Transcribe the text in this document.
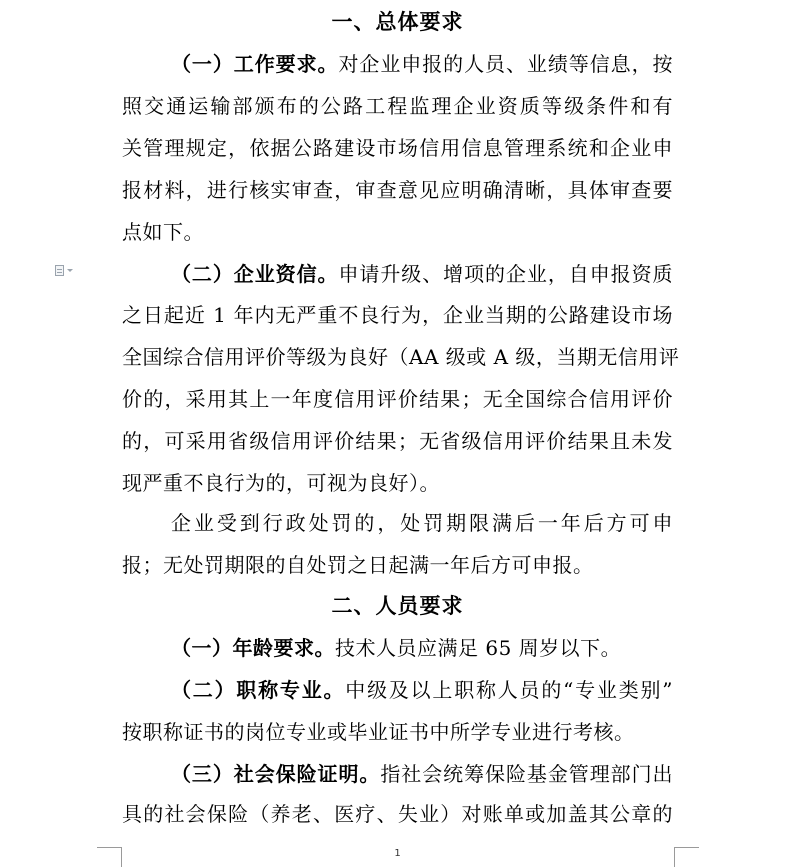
一、总体要求
（一）工作要求。对企业申报的人员、业绩等信息，按
照交通运输部颁布的公路工程监理企业资质等级条件和有
关管理规定，依据公路建设市场信用信息管理系统和企业申
报材料，进行核实审查，审查意见应明确清晰，具体审查要
点如下。
（二）企业资信。申请升级、增项的企业，自申报资质
之日起近 1 年内无严重不良行为，企业当期的公路建设市场
全国综合信用评价等级为良好（AA 级或 A 级，当期无信用评
价的，采用其上一年度信用评价结果；无全国综合信用评价
的，可采用省级信用评价结果；无省级信用评价结果且未发
现严重不良行为的，可视为良好）。
企业受到行政处罚的，处罚期限满后一年后方可申
报；无处罚期限的自处罚之日起满一年后方可申报。
二、人员要求
（一）年龄要求。技术人员应满足 65 周岁以下。
（二）职称专业。中级及以上职称人员的“专业类别”
按职称证书的岗位专业或毕业证书中所学专业进行考核。
（三）社会保险证明。指社会统筹保险基金管理部门出
具的社会保险（养老、医疗、失业）对账单或加盖其公章的
1
